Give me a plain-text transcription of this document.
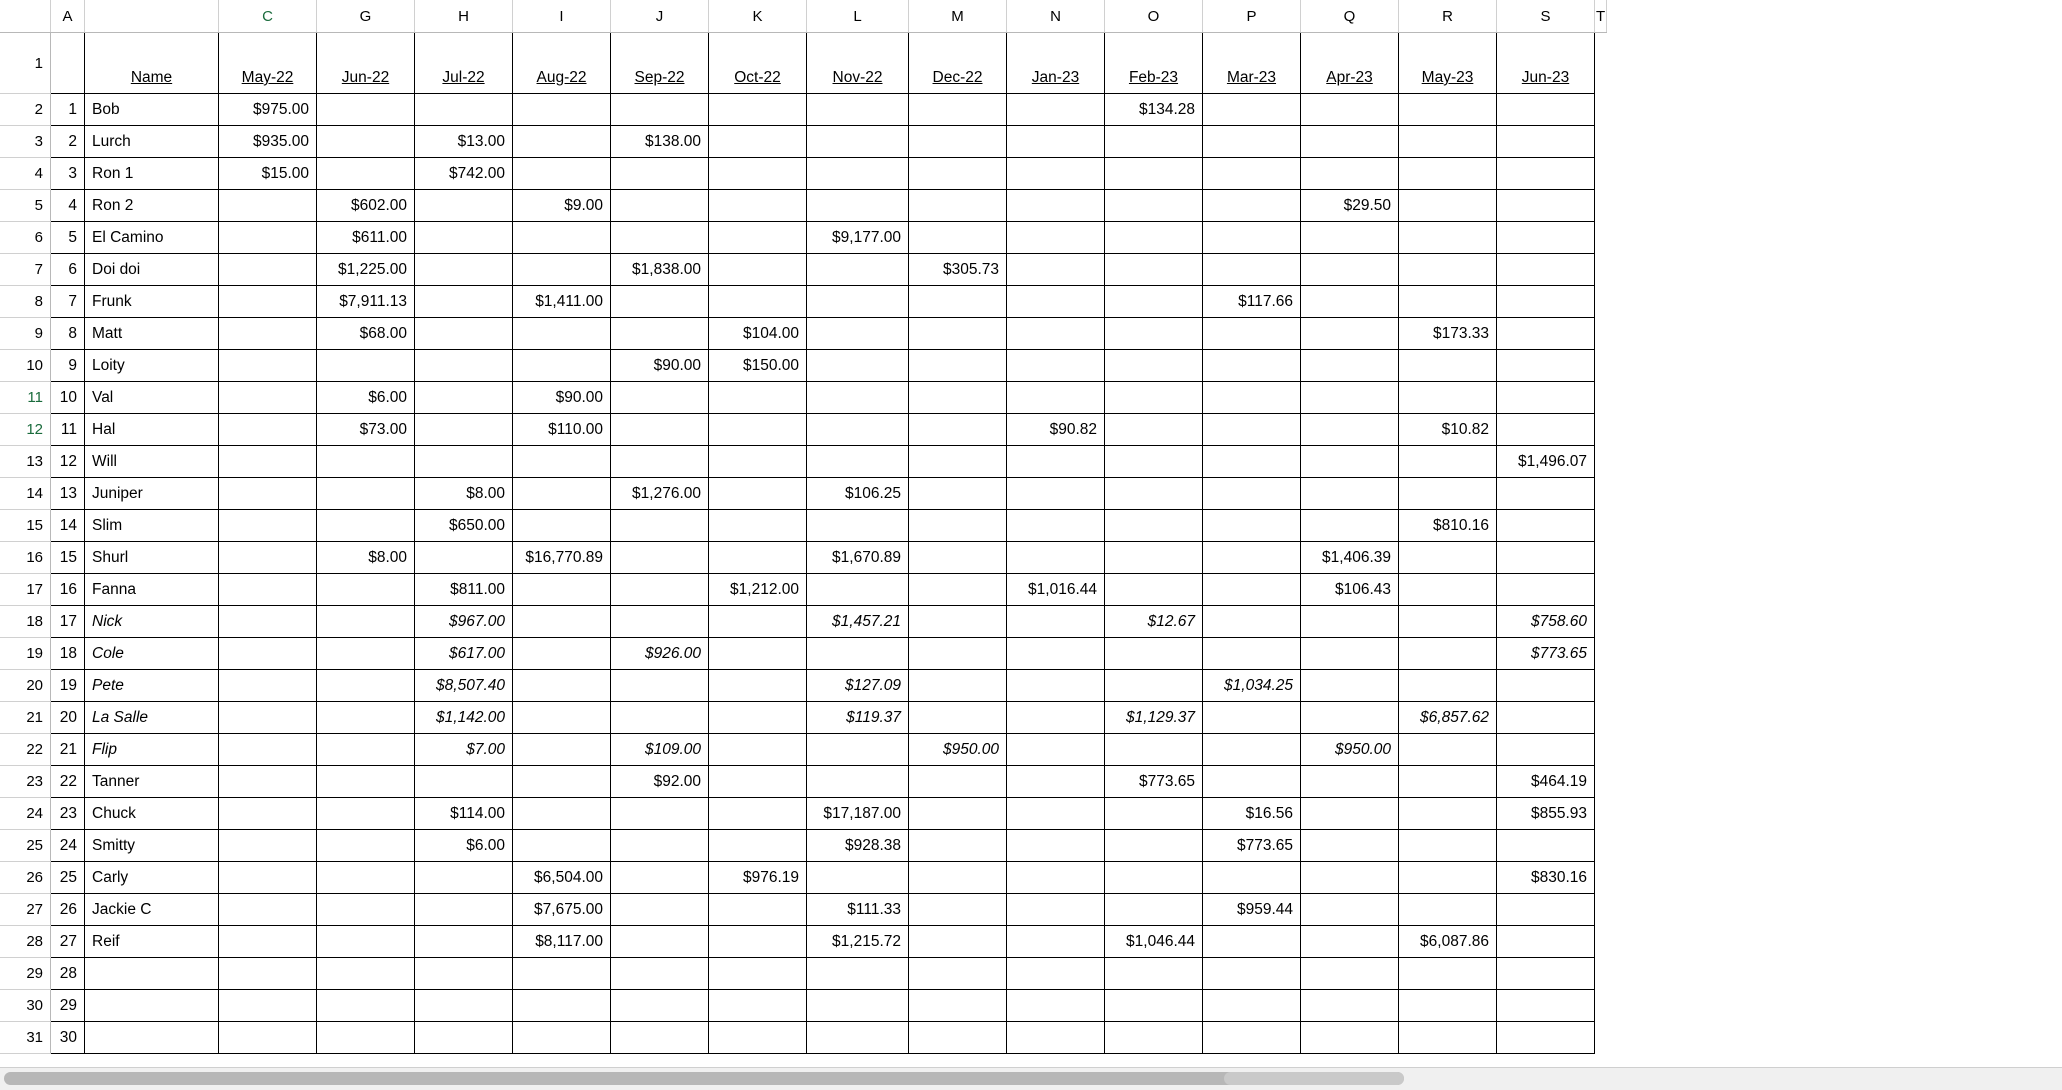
	A		C	G	H	I	J	K	L	M	N	O	P	Q	R	S	T
1		Name	May-22	Jun-22	Jul-22	Aug-22	Sep-22	Oct-22	Nov-22	Dec-22	Jan-23	Feb-23	Mar-23	Apr-23	May-23	Jun-23	
2	1	Bob	$975.00									$134.28					
3	2	Lurch	$935.00		$13.00		$138.00										
4	3	Ron 1	$15.00		$742.00												
5	4	Ron 2		$602.00		$9.00								$29.50			
6	5	El Camino		$611.00					$9,177.00								
7	6	Doi doi		$1,225.00			$1,838.00			$305.73							
8	7	Frunk		$7,911.13		$1,411.00							$117.66				
9	8	Matt		$68.00				$104.00							$173.33		
10	9	Loity					$90.00	$150.00									
11	10	Val		$6.00		$90.00											
12	11	Hal		$73.00		$110.00					$90.82				$10.82		
13	12	Will														$1,496.07	
14	13	Juniper			$8.00		$1,276.00		$106.25								
15	14	Slim			$650.00										$810.16		
16	15	Shurl		$8.00		$16,770.89			$1,670.89					$1,406.39			
17	16	Fanna			$811.00			$1,212.00			$1,016.44			$106.43			
18	17	Nick			$967.00				$1,457.21			$12.67				$758.60	
19	18	Cole			$617.00		$926.00									$773.65	
20	19	Pete			$8,507.40				$127.09				$1,034.25				
21	20	La Salle			$1,142.00				$119.37			$1,129.37			$6,857.62		
22	21	Flip			$7.00		$109.00			$950.00				$950.00			
23	22	Tanner					$92.00					$773.65				$464.19	
24	23	Chuck			$114.00				$17,187.00				$16.56			$855.93	
25	24	Smitty			$6.00				$928.38				$773.65				
26	25	Carly				$6,504.00		$976.19								$830.16	
27	26	Jackie C				$7,675.00			$111.33				$959.44				
28	27	Reif				$8,117.00			$1,215.72			$1,046.44			$6,087.86		
29	28																
30	29																
31	30																
